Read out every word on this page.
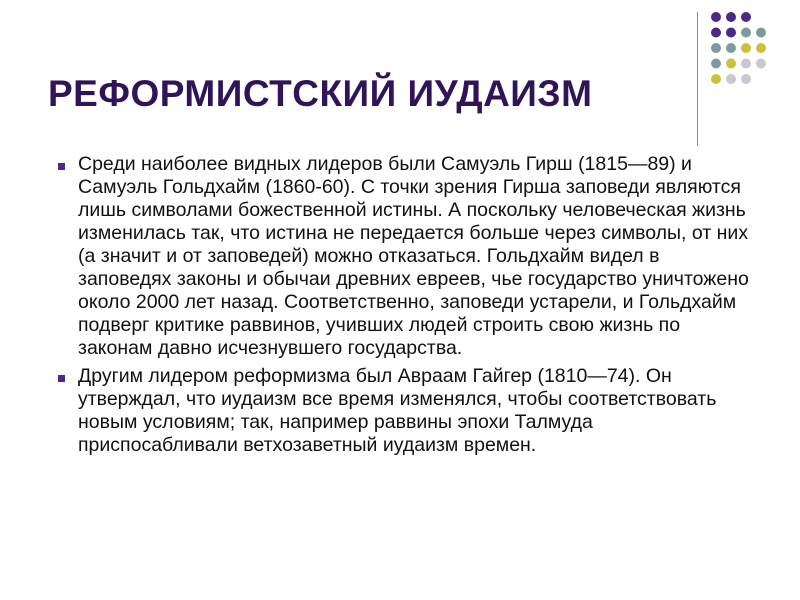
РЕФОРМИСТСКИЙ ИУДАИЗМ
Среди наиболее видных лидеров были Самуэль Гирш (1815—89) и Самуэль Гольдхайм (1860-60). С точки зрения Гирша заповеди являются лишь символами божественной истины. А поскольку человеческая жизнь изменилась так, что истина не передается больше через символы, от них (а значит и от заповедей) можно отказаться. Гольдхайм видел в заповедях законы и обычаи древних евреев, чье государство уничтожено около 2000 лет назад. Соответственно, заповеди устарели, и Гольдхайм подверг критике раввинов, учивших людей строить свою жизнь по законам давно исчезнувшего государства.
Другим лидером реформизма был Авраам Гайгер (1810—74). Он утверждал, что иудаизм все время изменялся, чтобы соответствовать новым условиям; так, например раввины эпохи Талмуда приспосабливали ветхозаветный иудаизм времен.
